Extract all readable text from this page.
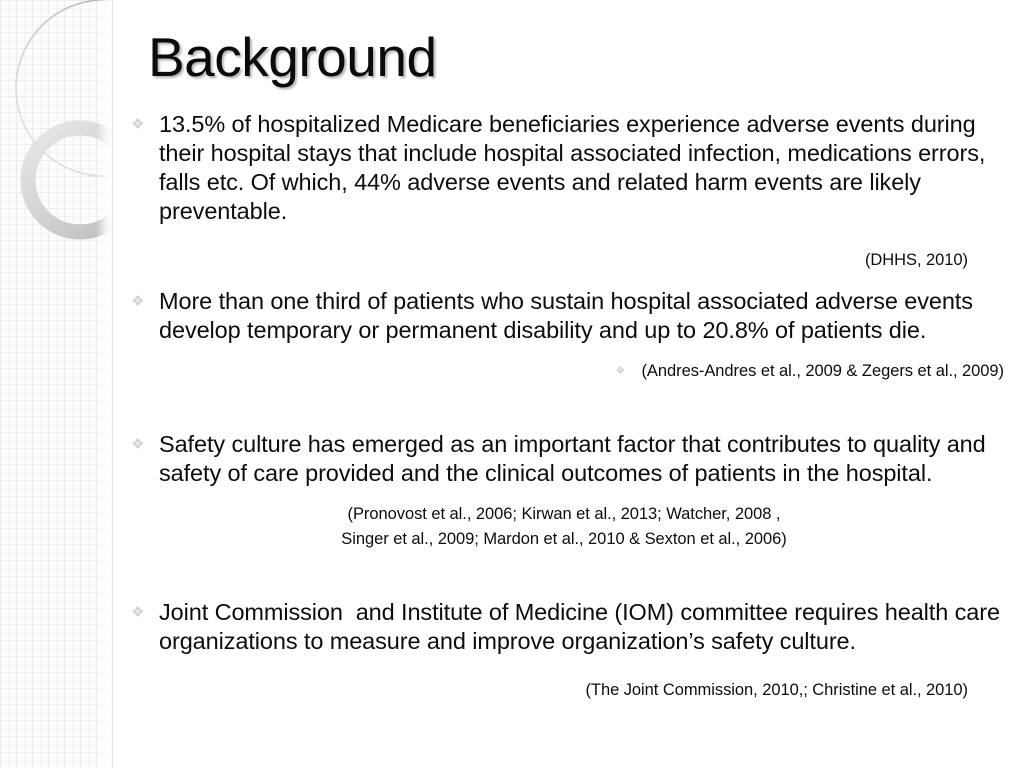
Background
❖ 13.5% of hospitalized Medicare beneficiaries experience adverse events during their hospital stays that include hospital associated infection, medications errors, falls etc. Of which, 44% adverse events and related harm events are likely preventable.
(DHHS, 2010)
❖ More than one third of patients who sustain hospital associated adverse events develop temporary or permanent disability and up to 20.8% of patients die.
❖ (Andres-Andres et al., 2009 & Zegers et al., 2009)
❖ Safety culture has emerged as an important factor that contributes to quality and safety of care provided and the clinical outcomes of patients in the hospital.
(Pronovost et al., 2006; Kirwan et al., 2013; Watcher, 2008 ,
Singer et al., 2009; Mardon et al., 2010 & Sexton et al., 2006)
❖ Joint Commission  and Institute of Medicine (IOM) committee requires health care organizations to measure and improve organization’s safety culture.
(The Joint Commission, 2010,; Christine et al., 2010)
